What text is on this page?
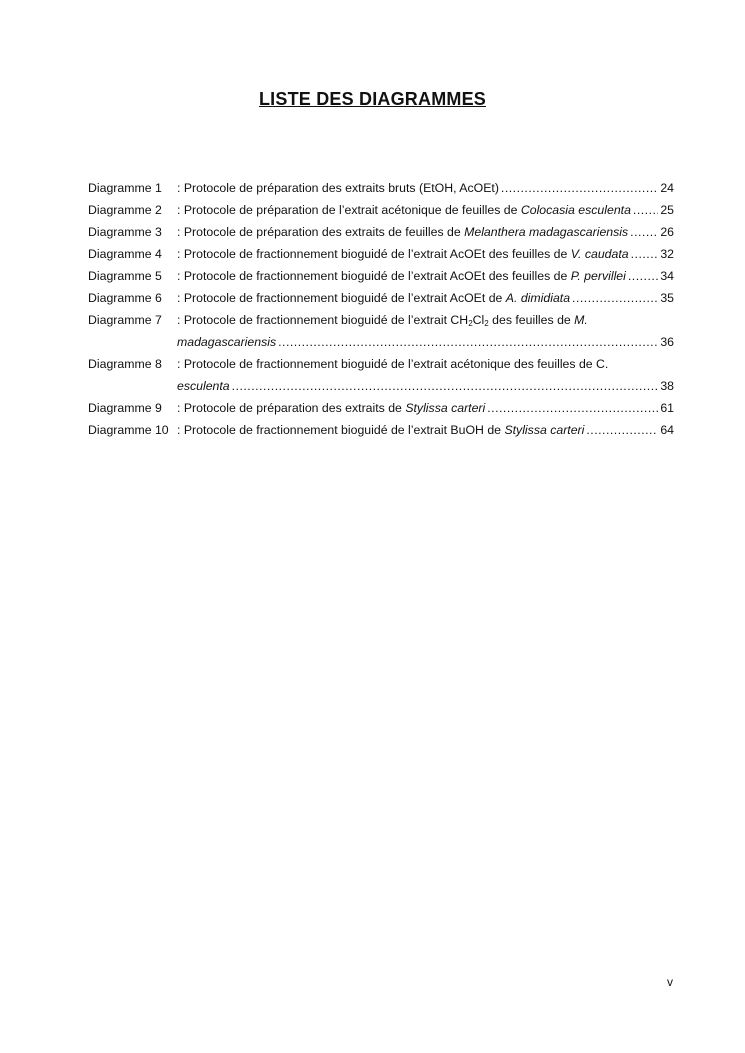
LISTE DES DIAGRAMMES
Diagramme 1	: Protocole de préparation des extraits bruts (EtOH, AcOEt) .....	24
Diagramme 2	: Protocole de préparation de l’extrait acétonique de feuilles de Colocasia esculenta ..... 25
Diagramme 3	: Protocole de préparation des extraits de feuilles de Melanthera madagascariensis .....	26
Diagramme 4	: Protocole de fractionnement bioguidé de l’extrait AcOEt des feuilles de V. caudata .....	32
Diagramme 5	: Protocole de fractionnement bioguidé de l’extrait AcOEt des feuilles de P. pervillei .....	34
Diagramme 6	: Protocole de fractionnement bioguidé de l’extrait AcOEt de A. dimidiata .....	35
Diagramme 7	: Protocole de fractionnement bioguidé de l’extrait $CH_2Cl_2$ des feuilles de M.
madagascariensis .....	36
Diagramme 8	: Protocole de fractionnement bioguidé de l’extrait acétonique des feuilles de C.
esculenta .....	38
Diagramme 9	: Protocole de préparation des extraits de Stylissa carteri .....	61
Diagramme 10 : Protocole de fractionnement bioguidé de l’extrait BuOH de Stylissa carteri .....	64
v
